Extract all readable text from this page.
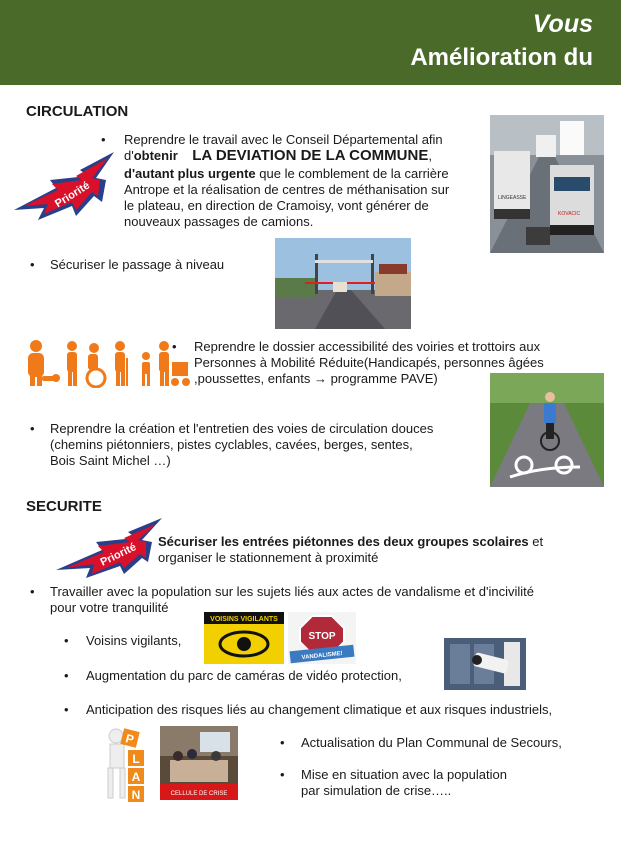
Vous
Amélioration du
CIRCULATION
Priorité
• Reprendre le travail avec le Conseil Départemental afin
d'obtenir LA DEVIATION DE LA COMMUNE,
d'autant plus urgente que le comblement de la carrière
Antrope et la réalisation de centres de méthanisation sur
le plateau, en direction de Cramoisy, vont générer de
nouveaux passages de camions.
LINGEASSE
KOVACIC
• Sécuriser le passage à niveau
• Reprendre le dossier accessibilité des voiries et trottoirs aux
Personnes à Mobilité Réduite(Handicapés, personnes âgées
,poussettes, enfants → programme PAVE)
• Reprendre la création et l'entretien des voies de circulation douces
(chemins piétonniers, pistes cyclables, cavées, berges, sentes,
Bois Saint Michel …)
SECURITE
Priorité Sécuriser les entrées piétonnes des deux groupes scolaires et
organiser le stationnement à proximité
• Travailler avec la population sur les sujets liés aux actes de vandalisme et d'incivilité
pour votre tranquilité
• Voisins vigilants,
VOISINS VIGILANTS
STOP
VANDALISME!
• Augmentation du parc de caméras de vidéo protection,
• Anticipation des risques liés au changement climatique et aux risques industriels,
P
L
A
N	CELLULE DE CRISE
• Actualisation du Plan Communal de Secours,
• Mise en situation avec la population
par simulation de crise…..
